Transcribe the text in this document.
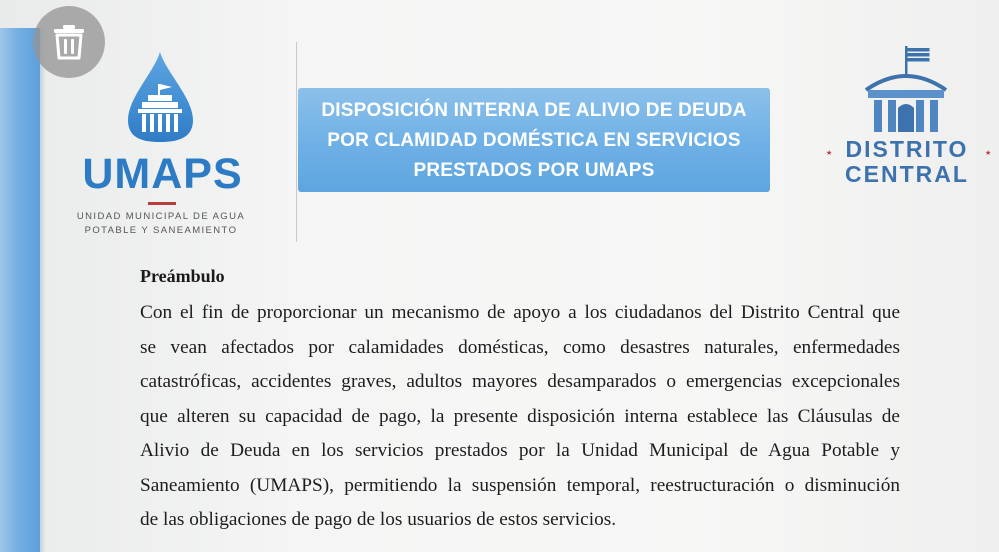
UMAPS
UNIDAD MUNICIPAL DE AGUA
POTABLE Y SANEAMIENTO
DISPOSICIÓN INTERNA DE ALIVIO DE DEUDA
POR CLAMIDAD DOMÉSTICA EN SERVICIOS
PRESTADOS POR UMAPS
DISTRITO
CENTRAL
★	★
Preámbulo
Con el fin de proporcionar un mecanismo de apoyo a los ciudadanos del Distrito Central que
se vean afectados por calamidades domésticas, como desastres naturales, enfermedades
catastróficas, accidentes graves, adultos mayores desamparados o emergencias excepcionales
que alteren su capacidad de pago, la presente disposición interna establece las Cláusulas de
Alivio de Deuda en los servicios prestados por la Unidad Municipal de Agua Potable y
Saneamiento (UMAPS), permitiendo la suspensión temporal, reestructuración o disminución
de las obligaciones de pago de los usuarios de estos servicios.
